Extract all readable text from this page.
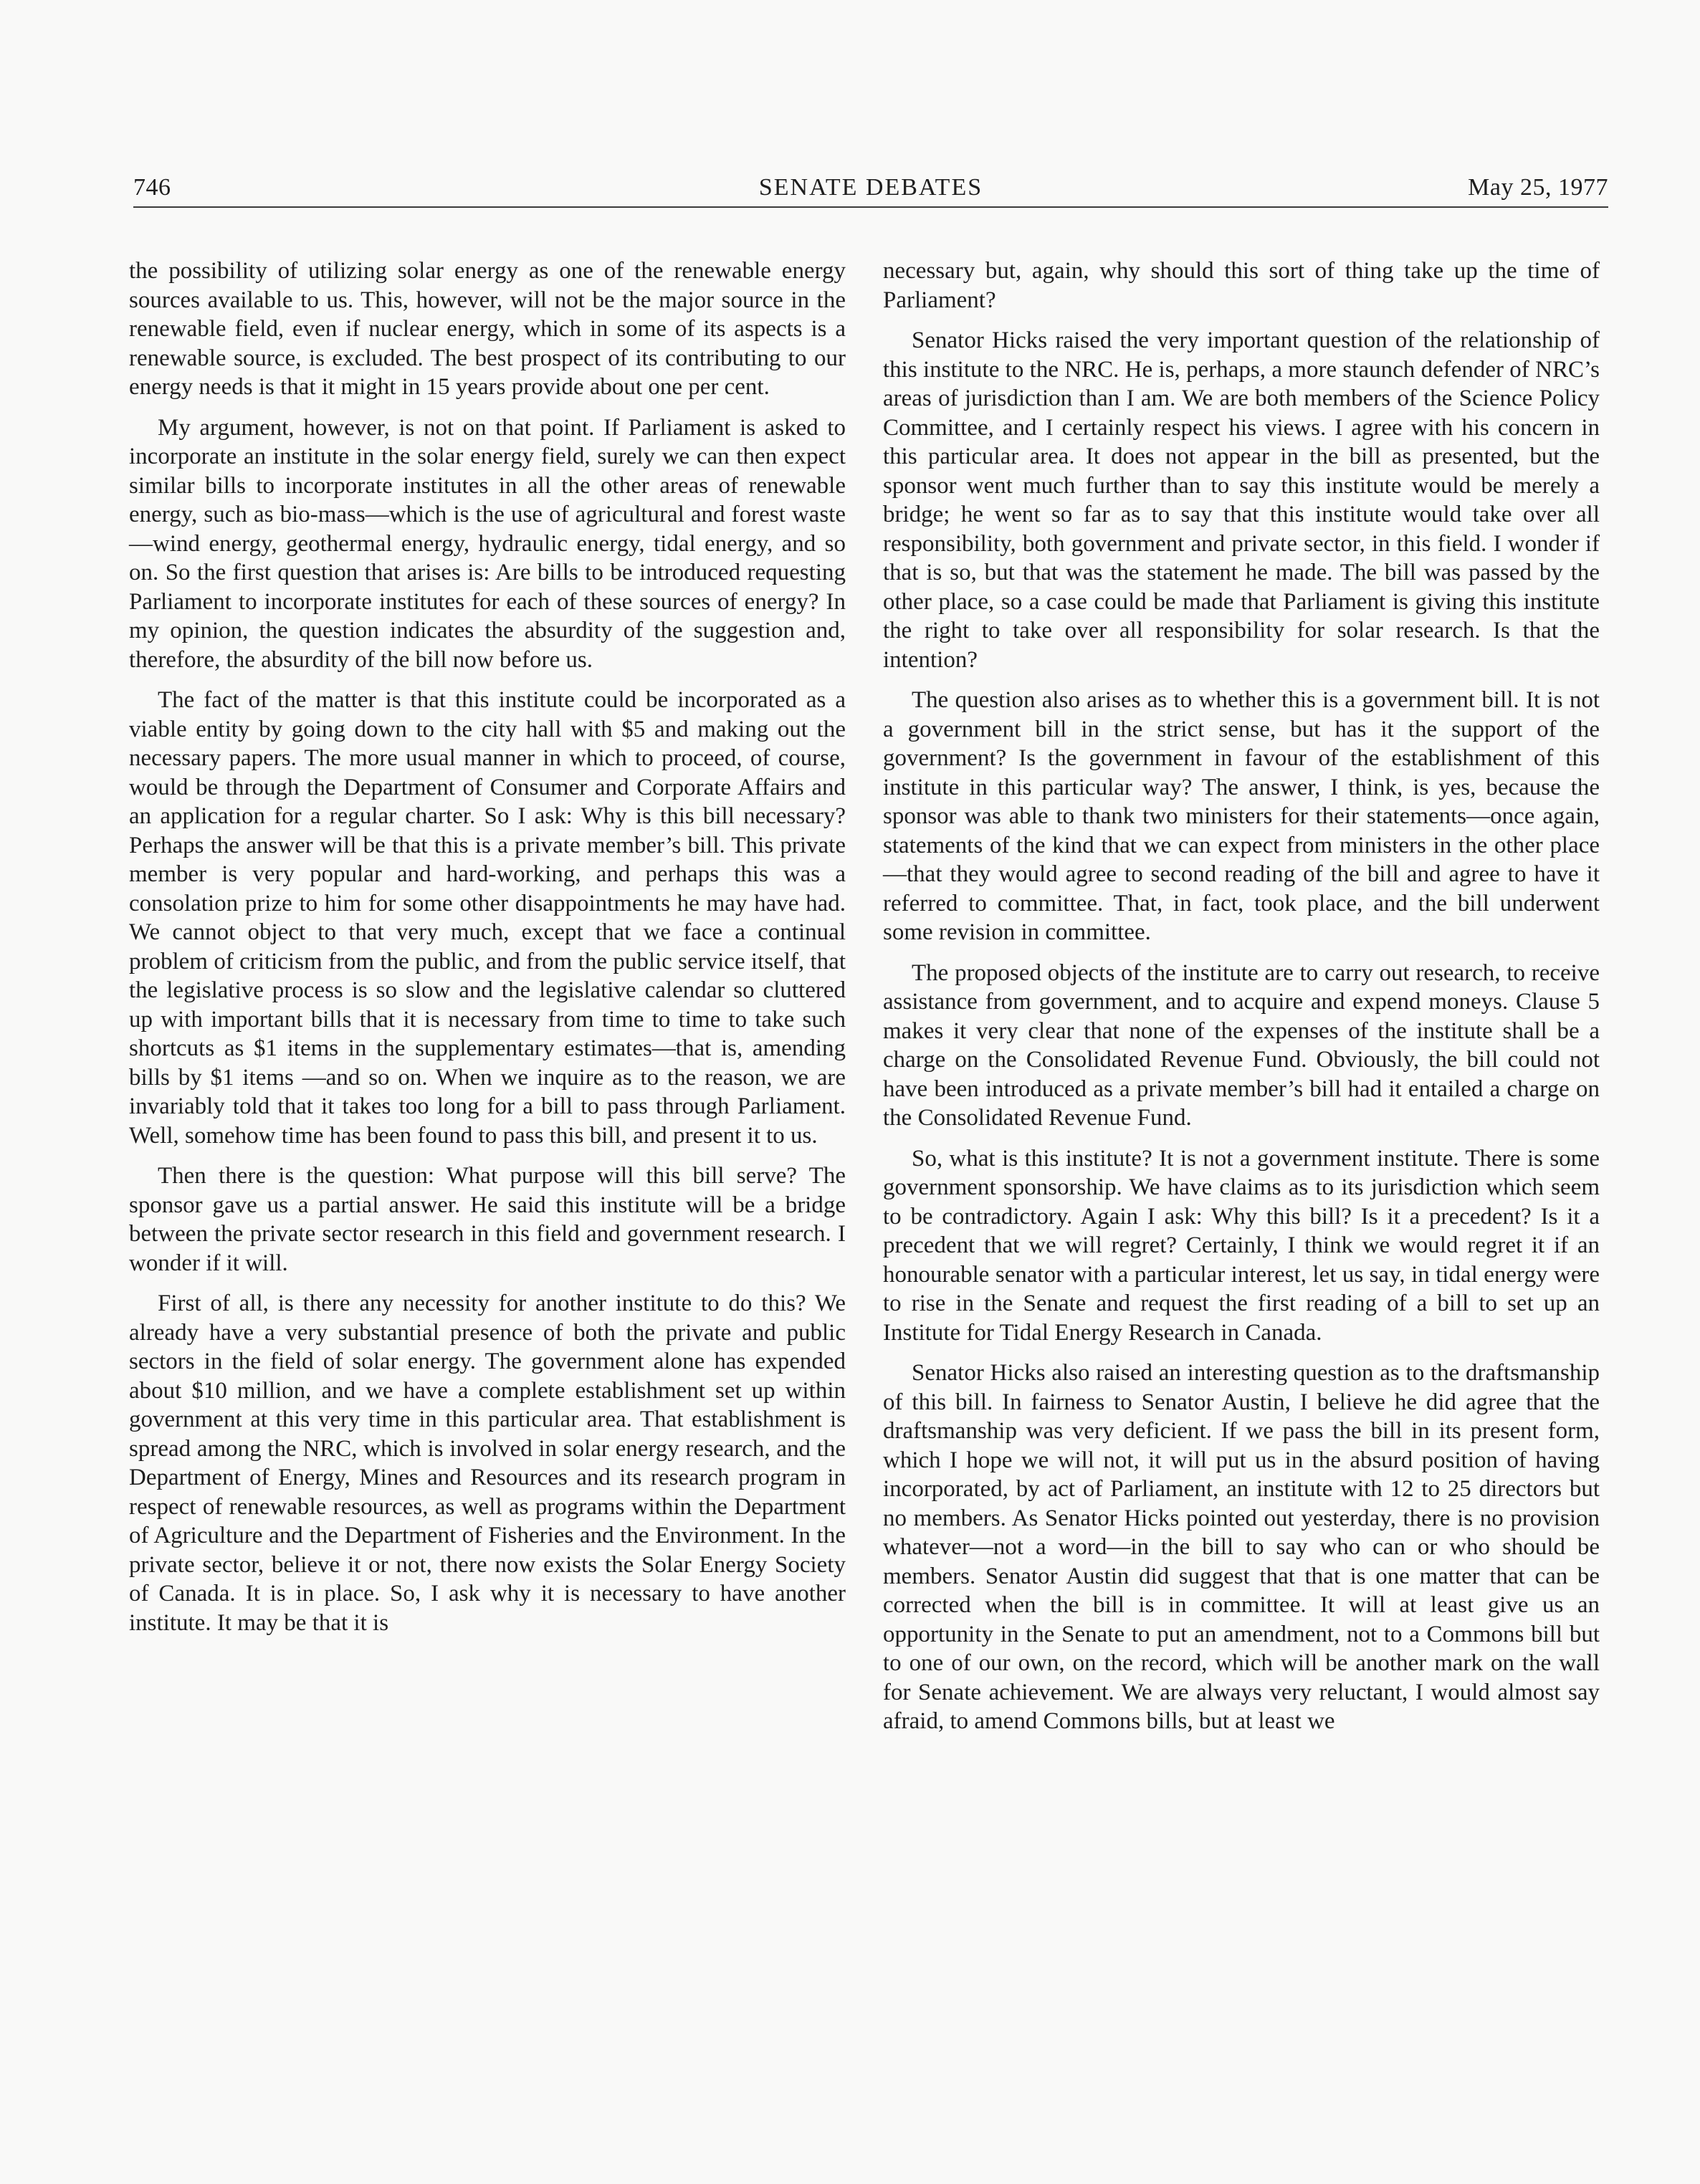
746	SENATE DEBATES	May 25, 1977

the possibility of utilizing solar energy as one of the renewable energy sources available to us. This, however, will not be the major source in the renewable field, even if nuclear energy, which in some of its aspects is a renewable source, is excluded. The best prospect of its contributing to our energy needs is that it might in 15 years provide about one per cent.

My argument, however, is not on that point. If Parliament is asked to incorporate an institute in the solar energy field, surely we can then expect similar bills to incorporate institutes in all the other areas of renewable energy, such as bio-mass—which is the use of agricultural and forest waste—wind energy, geothermal energy, hydraulic energy, tidal energy, and so on. So the first question that arises is: Are bills to be introduced requesting Parliament to incorporate institutes for each of these sources of energy? In my opinion, the question indicates the absurdity of the suggestion and, therefore, the absurdity of the bill now before us.

The fact of the matter is that this institute could be incorporated as a viable entity by going down to the city hall with $5 and making out the necessary papers. The more usual manner in which to proceed, of course, would be through the Department of Consumer and Corporate Affairs and an application for a regular charter. So I ask: Why is this bill necessary? Perhaps the answer will be that this is a private member’s bill. This private member is very popular and hard-working, and perhaps this was a consolation prize to him for some other disappointments he may have had. We cannot object to that very much, except that we face a continual problem of criticism from the public, and from the public service itself, that the legislative process is so slow and the legislative calendar so cluttered up with important bills that it is necessary from time to time to take such shortcuts as $1 items in the supplementary estimates—that is, amending bills by $1 items —and so on. When we inquire as to the reason, we are invariably told that it takes too long for a bill to pass through Parliament. Well, somehow time has been found to pass this bill, and present it to us.

Then there is the question: What purpose will this bill serve? The sponsor gave us a partial answer. He said this institute will be a bridge between the private sector research in this field and government research. I wonder if it will.

First of all, is there any necessity for another institute to do this? We already have a very substantial presence of both the private and public sectors in the field of solar energy. The government alone has expended about $10 million, and we have a complete establishment set up within government at this very time in this particular area. That establishment is spread among the NRC, which is involved in solar energy research, and the Department of Energy, Mines and Resources and its research program in respect of renewable resources, as well as programs within the Department of Agriculture and the Department of Fisheries and the Environment. In the private sector, believe it or not, there now exists the Solar Energy Society of Canada. It is in place. So, I ask why it is necessary to have another institute. It may be that it is

necessary but, again, why should this sort of thing take up the time of Parliament?

Senator Hicks raised the very important question of the relationship of this institute to the NRC. He is, perhaps, a more staunch defender of NRC’s areas of jurisdiction than I am. We are both members of the Science Policy Committee, and I certainly respect his views. I agree with his concern in this particular area. It does not appear in the bill as presented, but the sponsor went much further than to say this institute would be merely a bridge; he went so far as to say that this institute would take over all responsibility, both government and private sector, in this field. I wonder if that is so, but that was the statement he made. The bill was passed by the other place, so a case could be made that Parliament is giving this institute the right to take over all responsibility for solar research. Is that the intention?

The question also arises as to whether this is a government bill. It is not a government bill in the strict sense, but has it the support of the government? Is the government in favour of the establishment of this institute in this particular way? The answer, I think, is yes, because the sponsor was able to thank two ministers for their statements—once again, statements of the kind that we can expect from ministers in the other place—that they would agree to second reading of the bill and agree to have it referred to committee. That, in fact, took place, and the bill underwent some revision in committee.

The proposed objects of the institute are to carry out research, to receive assistance from government, and to acquire and expend moneys. Clause 5 makes it very clear that none of the expenses of the institute shall be a charge on the Consolidated Revenue Fund. Obviously, the bill could not have been introduced as a private member’s bill had it entailed a charge on the Consolidated Revenue Fund.

So, what is this institute? It is not a government institute. There is some government sponsorship. We have claims as to its jurisdiction which seem to be contradictory. Again I ask: Why this bill? Is it a precedent? Is it a precedent that we will regret? Certainly, I think we would regret it if an honourable senator with a particular interest, let us say, in tidal energy were to rise in the Senate and request the first reading of a bill to set up an Institute for Tidal Energy Research in Canada.

Senator Hicks also raised an interesting question as to the draftsmanship of this bill. In fairness to Senator Austin, I believe he did agree that the draftsmanship was very deficient. If we pass the bill in its present form, which I hope we will not, it will put us in the absurd position of having incorporated, by act of Parliament, an institute with 12 to 25 directors but no members. As Senator Hicks pointed out yesterday, there is no provision whatever—not a word—in the bill to say who can or who should be members. Senator Austin did suggest that that is one matter that can be corrected when the bill is in committee. It will at least give us an opportunity in the Senate to put an amendment, not to a Commons bill but to one of our own, on the record, which will be another mark on the wall for Senate achievement. We are always very reluctant, I would almost say afraid, to amend Commons bills, but at least we
